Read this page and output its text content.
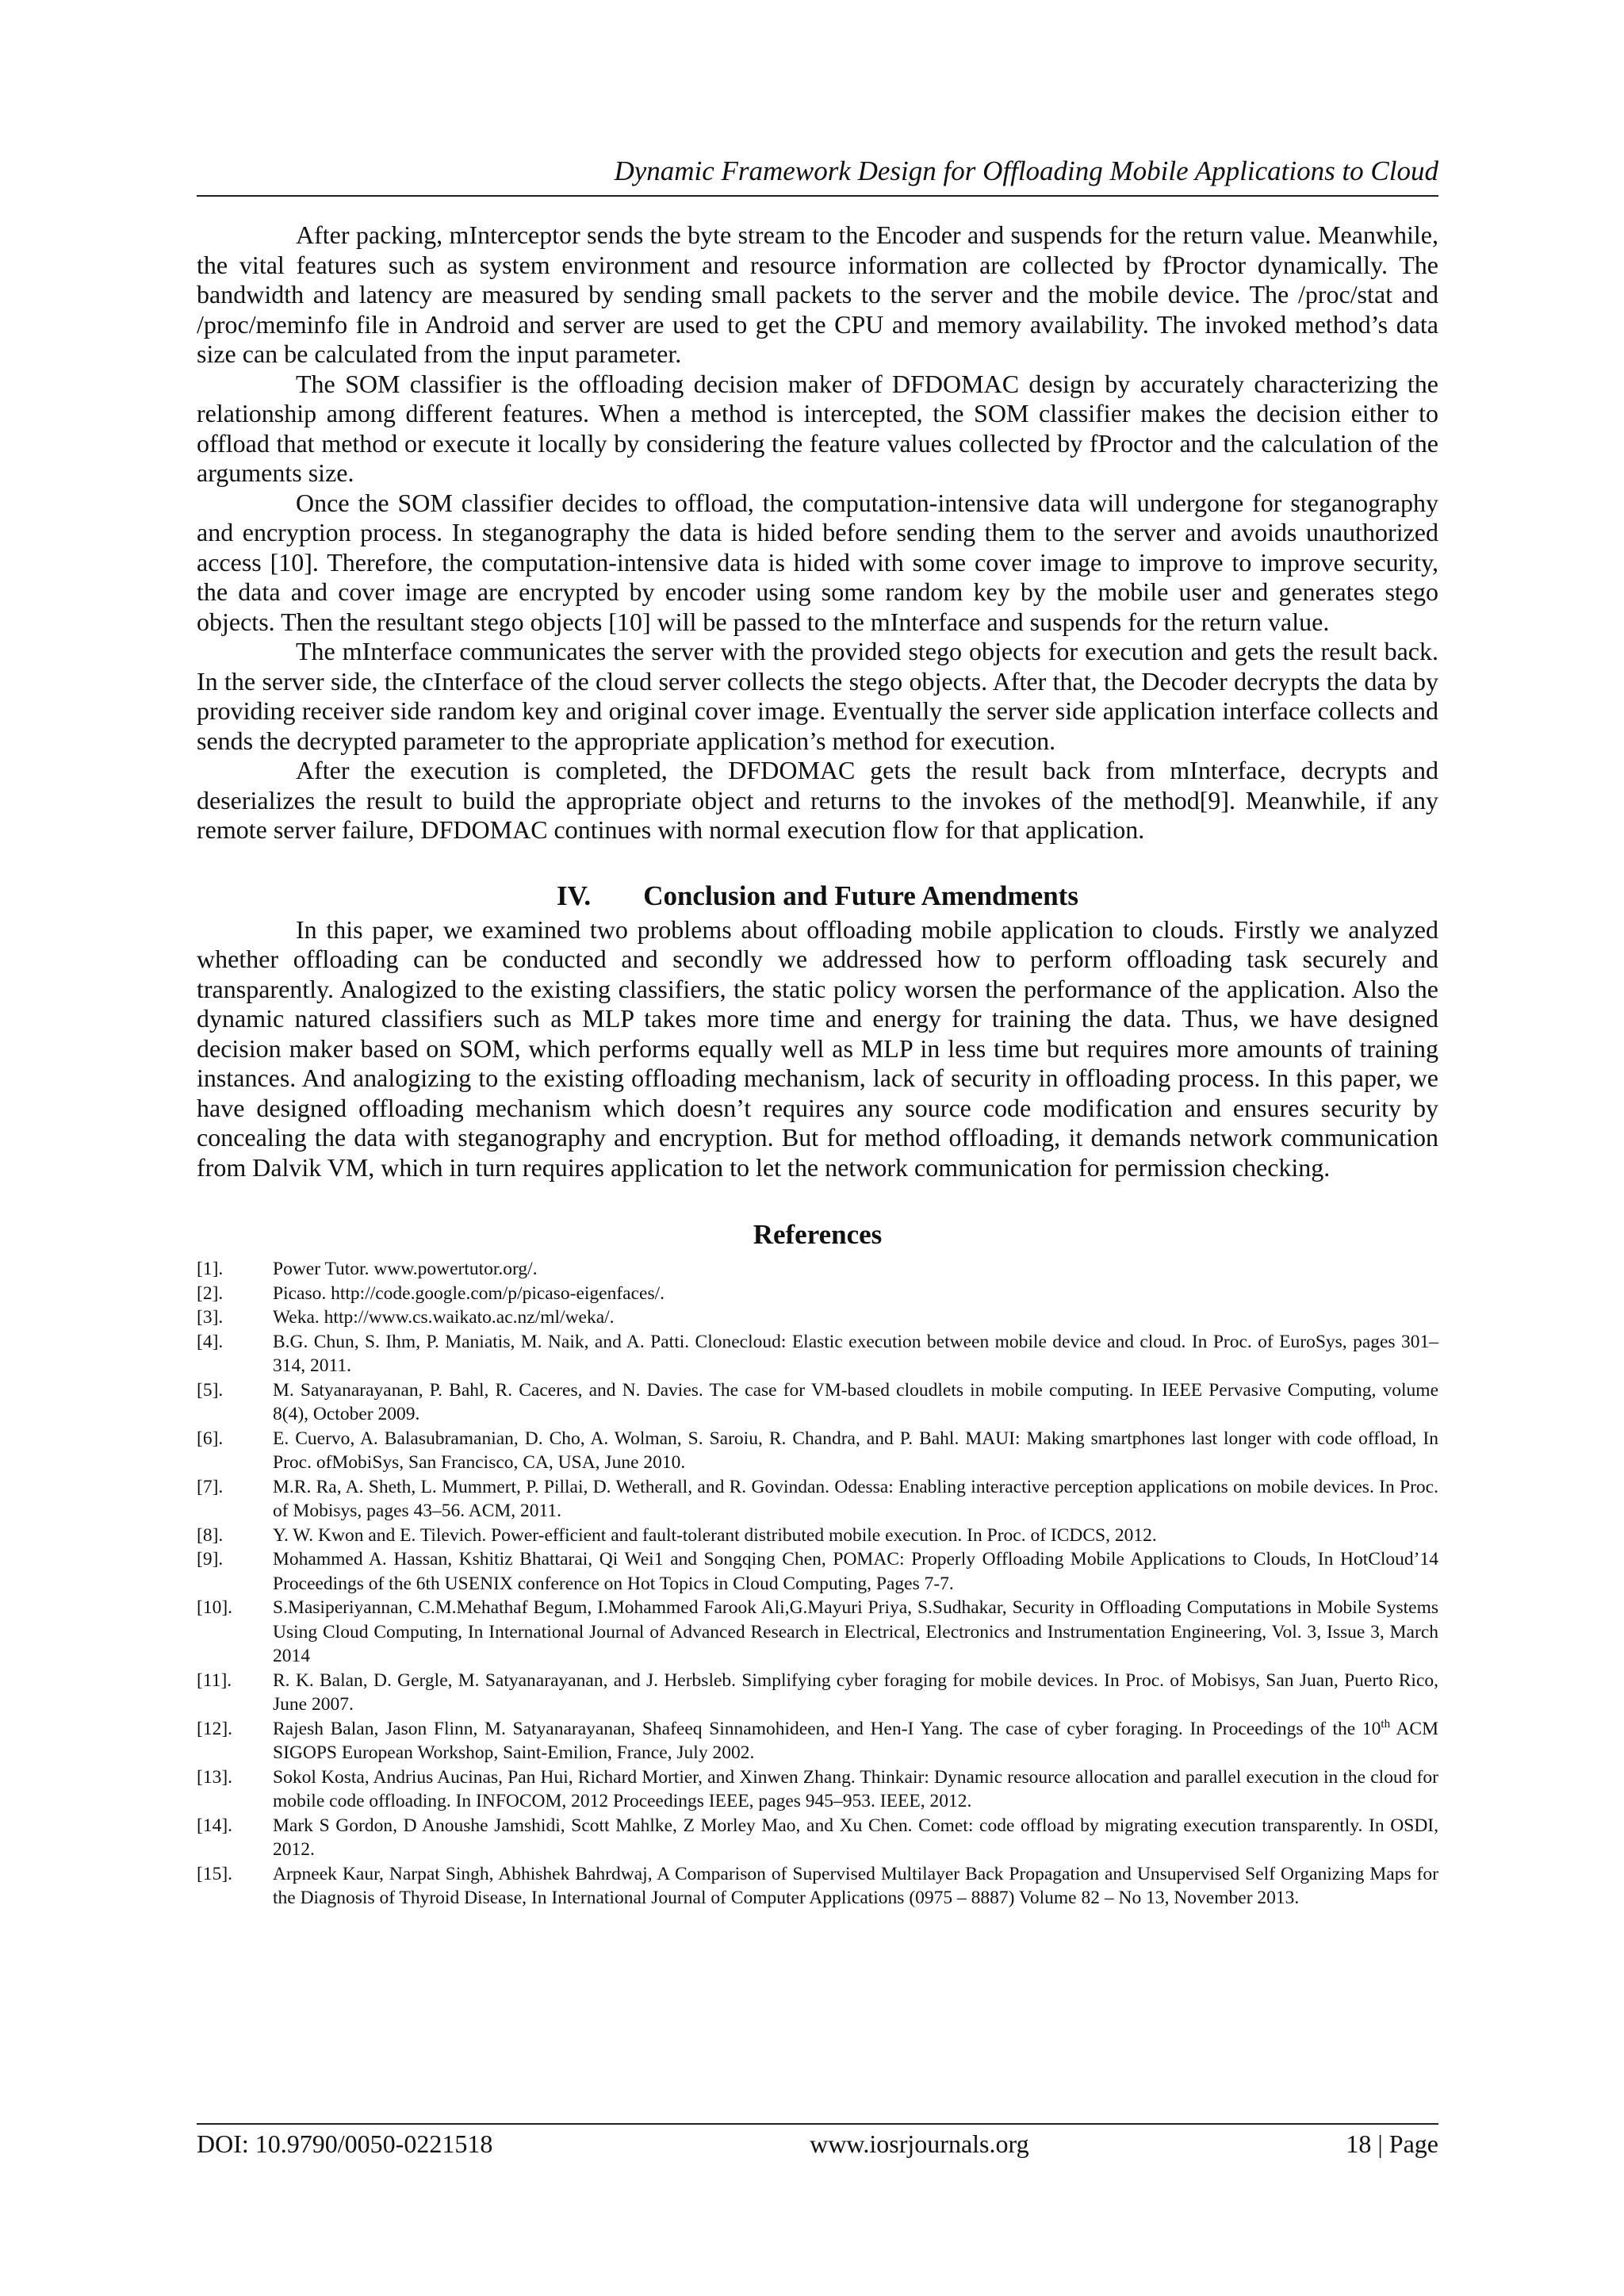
Dynamic Framework Design for Offloading Mobile Applications to Cloud

After packing, mInterceptor sends the byte stream to the Encoder and suspends for the return value. Meanwhile, the vital features such as system environment and resource information are collected by fProctor dynamically. The bandwidth and latency are measured by sending small packets to the server and the mobile device. The /proc/stat and /proc/meminfo file in Android and server are used to get the CPU and memory availability. The invoked method’s data size can be calculated from the input parameter.

The SOM classifier is the offloading decision maker of DFDOMAC design by accurately characterizing the relationship among different features. When a method is intercepted, the SOM classifier makes the decision either to offload that method or execute it locally by considering the feature values collected by fProctor and the calculation of the arguments size.

Once the SOM classifier decides to offload, the computation-intensive data will undergone for steganography and encryption process. In steganography the data is hided before sending them to the server and avoids unauthorized access [10]. Therefore, the computation-intensive data is hided with some cover image to improve to improve security, the data and cover image are encrypted by encoder using some random key by the mobile user and generates stego objects. Then the resultant stego objects [10] will be passed to the mInterface and suspends for the return value.

The mInterface communicates the server with the provided stego objects for execution and gets the result back. In the server side, the cInterface of the cloud server collects the stego objects. After that, the Decoder decrypts the data by providing receiver side random key and original cover image. Eventually the server side application interface collects and sends the decrypted parameter to the appropriate application’s method for execution.

After the execution is completed, the DFDOMAC gets the result back from mInterface, decrypts and deserializes the result to build the appropriate object and returns to the invokes of the method[9]. Meanwhile, if any remote server failure, DFDOMAC continues with normal execution flow for that application.

IV. Conclusion and Future Amendments

In this paper, we examined two problems about offloading mobile application to clouds. Firstly we analyzed whether offloading can be conducted and secondly we addressed how to perform offloading task securely and transparently. Analogized to the existing classifiers, the static policy worsen the performance of the application. Also the dynamic natured classifiers such as MLP takes more time and energy for training the data. Thus, we have designed decision maker based on SOM, which performs equally well as MLP in less time but requires more amounts of training instances. And analogizing to the existing offloading mechanism, lack of security in offloading process. In this paper, we have designed offloading mechanism which doesn’t requires any source code modification and ensures security by concealing the data with steganography and encryption. But for method offloading, it demands network communication from Dalvik VM, which in turn requires application to let the network communication for permission checking.

References
[1].	Power Tutor. www.powertutor.org/.
[2].	Picaso. http://code.google.com/p/picaso-eigenfaces/.
[3].	Weka. http://www.cs.waikato.ac.nz/ml/weka/.
[4].	B.G. Chun, S. Ihm, P. Maniatis, M. Naik, and A. Patti. Clonecloud: Elastic execution between mobile device and cloud. In Proc. of EuroSys, pages 301–314, 2011.
[5].	M. Satyanarayanan, P. Bahl, R. Caceres, and N. Davies. The case for VM-based cloudlets in mobile computing. In IEEE Pervasive Computing, volume 8(4), October 2009.
[6].	E. Cuervo, A. Balasubramanian, D. Cho, A. Wolman, S. Saroiu, R. Chandra, and P. Bahl. MAUI: Making smartphones last longer with code offload, In Proc. ofMobiSys, San Francisco, CA, USA, June 2010.
[7].	M.R. Ra, A. Sheth, L. Mummert, P. Pillai, D. Wetherall, and R. Govindan. Odessa: Enabling interactive perception applications on mobile devices. In Proc. of Mobisys, pages 43–56. ACM, 2011.
[8].	Y. W. Kwon and E. Tilevich. Power-efficient and fault-tolerant distributed mobile execution. In Proc. of ICDCS, 2012.
[9].	Mohammed A. Hassan, Kshitiz Bhattarai, Qi Wei1 and Songqing Chen, POMAC: Properly Offloading Mobile Applications to Clouds, In HotCloud’14 Proceedings of the 6th USENIX conference on Hot Topics in Cloud Computing, Pages 7-7.
[10].	S.Masiperiyannan, C.M.Mehathaf Begum, I.Mohammed Farook Ali,G.Mayuri Priya, S.Sudhakar, Security in Offloading Computations in Mobile Systems Using Cloud Computing, In International Journal of Advanced Research in Electrical, Electronics and Instrumentation Engineering, Vol. 3, Issue 3, March 2014
[11].	R. K. Balan, D. Gergle, M. Satyanarayanan, and J. Herbsleb. Simplifying cyber foraging for mobile devices. In Proc. of Mobisys, San Juan, Puerto Rico, June 2007.
[12].	Rajesh Balan, Jason Flinn, M. Satyanarayanan, Shafeeq Sinnamohideen, and Hen-I Yang. The case of cyber foraging. In Proceedings of the 10th ACM SIGOPS European Workshop, Saint-Emilion, France, July 2002.
[13].	Sokol Kosta, Andrius Aucinas, Pan Hui, Richard Mortier, and Xinwen Zhang. Thinkair: Dynamic resource allocation and parallel execution in the cloud for mobile code offloading. In INFOCOM, 2012 Proceedings IEEE, pages 945–953. IEEE, 2012.
[14].	Mark S Gordon, D Anoushe Jamshidi, Scott Mahlke, Z Morley Mao, and Xu Chen. Comet: code offload by migrating execution transparently. In OSDI, 2012.
[15].	Arpneek Kaur, Narpat Singh, Abhishek Bahrdwaj, A Comparison of Supervised Multilayer Back Propagation and Unsupervised Self Organizing Maps for the Diagnosis of Thyroid Disease, In International Journal of Computer Applications (0975 – 8887) Volume 82 – No 13, November 2013.
DOI: 10.9790/0050-0221518	www.iosrjournals.org	18 | Page
